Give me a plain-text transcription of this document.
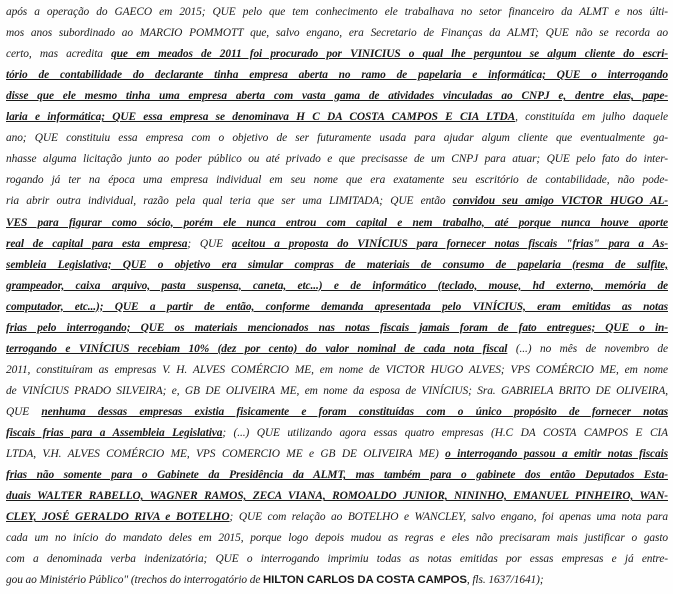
após a operação do GAECO em 2015; QUE pelo que tem conhecimento ele trabalhava no setor financeiro da ALMT e nos últi-
mos anos subordinado ao MARCIO POMMOTT que, salvo engano, era Secretario de Finanças da ALMT; QUE não se recorda ao
certo, mas acredita que em meados de 2011 foi procurado por VINICIUS o qual lhe perguntou se algum cliente do escri-
tório de contabilidade do declarante tinha empresa aberta no ramo de papelaria e informática; QUE o interrogando
disse que ele mesmo tinha uma empresa aberta com vasta gama de atividades vinculadas ao CNPJ e, dentre elas, pape-
laria e informática; QUE essa empresa se denominava H C DA COSTA CAMPOS E CIA LTDA, constituída em julho daquele
ano; QUE constituiu essa empresa com o objetivo de ser futuramente usada para ajudar algum cliente que eventualmente ga-
nhasse alguma licitação junto ao poder público ou até privado e que precisasse de um CNPJ para atuar; QUE pelo fato do inter-
rogando já ter na época uma empresa individual em seu nome que era exatamente seu escritório de contabilidade, não pode-
ria abrir outra individual, razão pela qual teria que ser uma LIMITADA; QUE então convidou seu amigo VICTOR HUGO AL-
VES para figurar como sócio, porém ele nunca entrou com capital e nem trabalho, até porque nunca houve aporte
real de capital para esta empresa; QUE aceitou a proposta do VINÍCIUS para fornecer notas fiscais "frias" para a As-
sembleia Legislativa; QUE o objetivo era simular compras de materiais de consumo de papelaria (resma de sulfite,
grampeador, caixa arquivo, pasta suspensa, caneta, etc...) e de informático (teclado, mouse, hd externo, memória de
computador, etc...); QUE a partir de então, conforme demanda apresentada pelo VINÍCIUS, eram emitidas as notas
frias pelo interrogando; QUE os materiais mencionados nas notas fiscais jamais foram de fato entregues; QUE o in-
terrogando e VINÍCIUS recebiam 10% (dez por cento) do valor nominal de cada nota fiscal (...) no mês de novembro de
2011, constituíram as empresas V. H. ALVES COMÉRCIO ME, em nome de VICTOR HUGO ALVES; VPS COMÉRCIO ME, em nome
de VINÍCIUS PRADO SILVEIRA; e, GB DE OLIVEIRA ME, em nome da esposa de VINÍCIUS; Sra. GABRIELA BRITO DE OLIVEIRA,
QUE nenhuma dessas empresas existia fisicamente e foram constituídas com o único propósito de fornecer notas
fiscais frias para a Assembleia Legislativa; (...) QUE utilizando agora essas quatro empresas (H.C DA COSTA CAMPOS E CIA
LTDA, V.H. ALVES COMÉRCIO ME, VPS COMERCIO ME e GB DE OLIVEIRA ME) o interrogando passou a emitir notas fiscais
frias não somente para o Gabinete da Presidência da ALMT, mas também para o gabinete dos então Deputados Esta-
duais WALTER RABELLO, WAGNER RAMOS, ZECA VIANA, ROMOALDO JUNIOR, NININHO, EMANUEL PINHEIRO, WAN-
CLEY, JOSÉ GERALDO RIVA e BOTELHO; QUE com relação ao BOTELHO e WANCLEY, salvo engano, foi apenas uma nota para
cada um no início do mandato deles em 2015, porque logo depois mudou as regras e eles não precisaram mais justificar o gasto
com a denominada verba indenizatória; QUE o interrogando imprimiu todas as notas emitidas por essas empresas e já entre-
gou ao Ministério Público" (trechos do interrogatório de HILTON CARLOS DA COSTA CAMPOS, fls. 1637/1641);
